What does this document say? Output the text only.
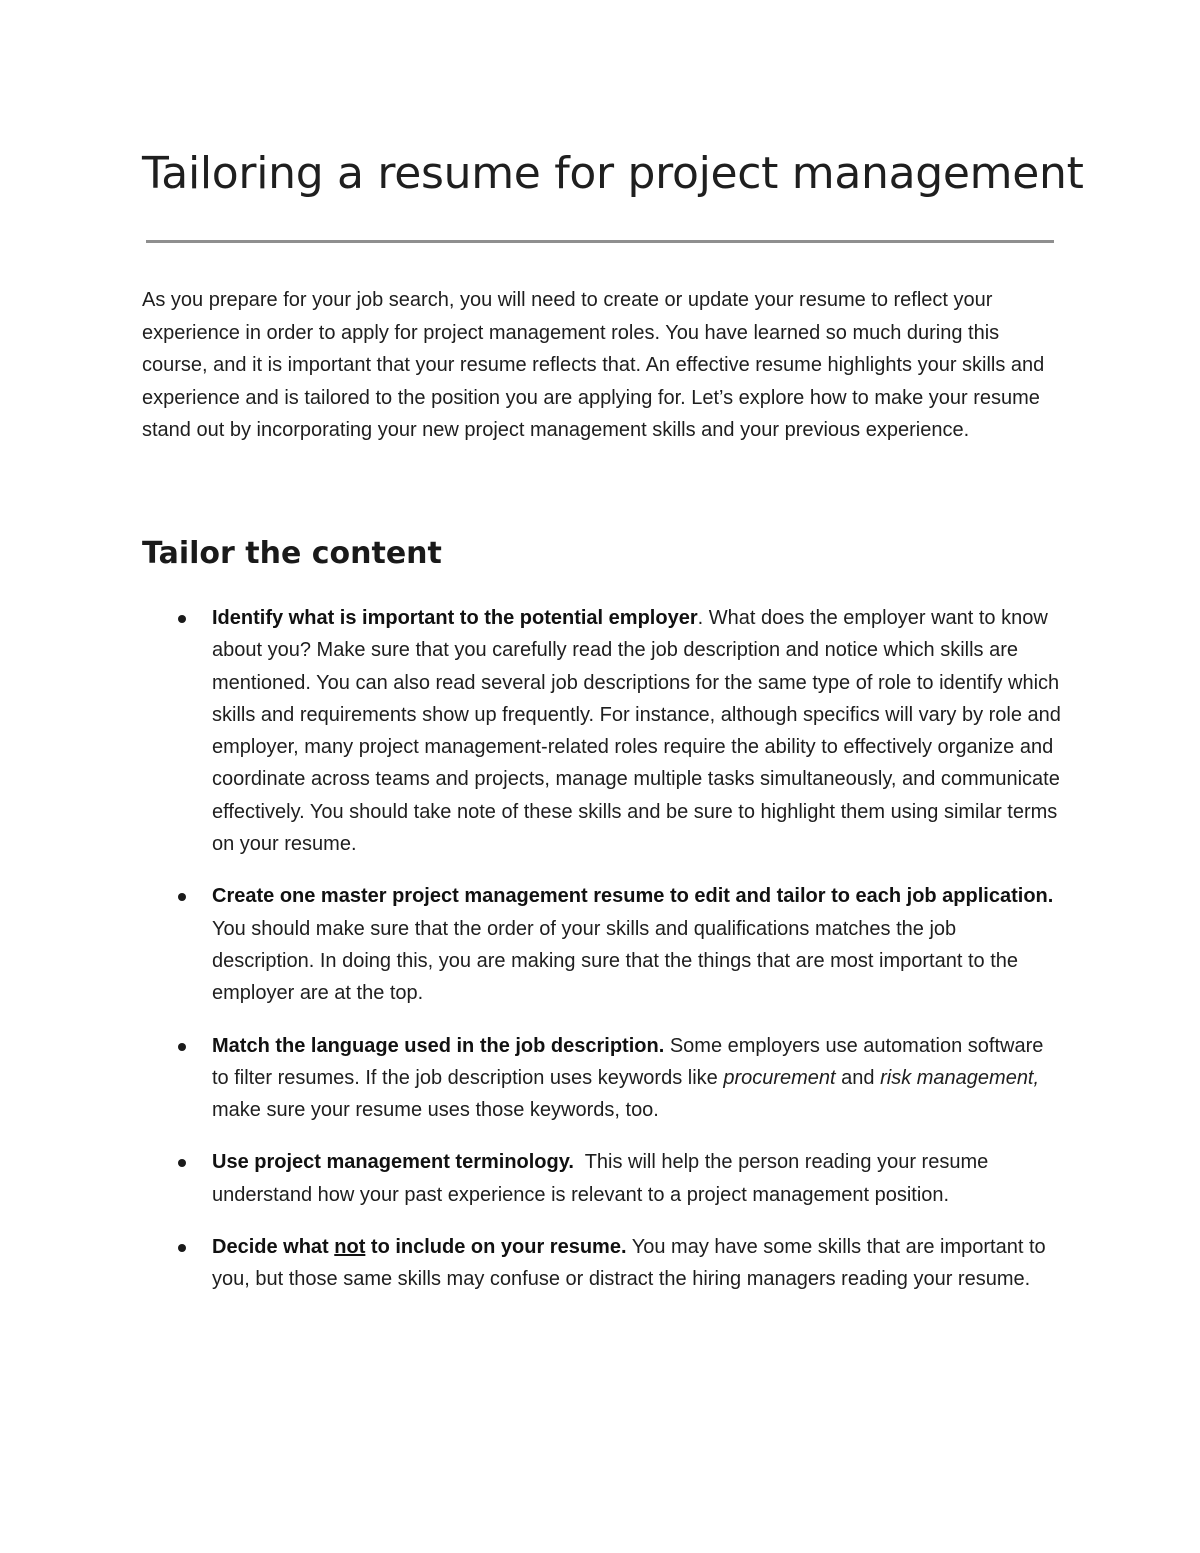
Tailoring a resume for project management

As you prepare for your job search, you will need to create or update your resume to reflect your experience in order to apply for project management roles. You have learned so much during this course, and it is important that your resume reflects that. An effective resume highlights your skills and experience and is tailored to the position you are applying for. Let’s explore how to make your resume stand out by incorporating your new project management skills and your previous experience.

Tailor the content
Identify what is important to the potential employer. What does the employer want to know about you? Make sure that you carefully read the job description and notice which skills are mentioned. You can also read several job descriptions for the same type of role to identify which skills and requirements show up frequently. For instance, although specifics will vary by role and employer, many project management-related roles require the ability to effectively organize and coordinate across teams and projects, manage multiple tasks simultaneously, and communicate effectively. You should take note of these skills and be sure to highlight them using similar terms on your resume.
Create one master project management resume to edit and tailor to each job application. You should make sure that the order of your skills and qualifications matches the job description. In doing this, you are making sure that the things that are most important to the employer are at the top.
Match the language used in the job description. Some employers use automation software to filter resumes. If the job description uses keywords like procurement and risk management, make sure your resume uses those keywords, too.
Use project management terminology.  This will help the person reading your resume understand how your past experience is relevant to a project management position.
Decide what not to include on your resume. You may have some skills that are important to you, but those same skills may confuse or distract the hiring managers reading your resume.
